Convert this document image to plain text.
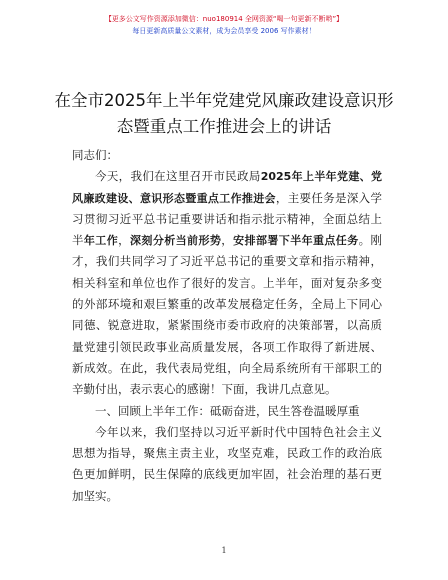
【更多公文写作资源添加微信：nuo180914 全网资源“喝一句更新不断哟”】
每日更新高质量公文素材，成为会员享受 2006 写作素材！
在全市2025年上半年党建党风廉政建设意识形态暨重点工作推进会上的讲话

同志们：

今天，我们在这里召开市民政局2025年上半年党建、党风廉政建设、意识形态暨重点工作推进会，主要任务是深入学习贯彻习近平总书记重要讲话和指示批示精神，全面总结上半年工作，深刻分析当前形势，安排部署下半年重点任务。刚才，我们共同学习了习近平总书记的重要文章和指示精神，相关科室和单位也作了很好的发言。上半年，面对复杂多变的外部环境和艰巨繁重的改革发展稳定任务，全局上下同心同德、锐意进取，紧紧围绕市委市政府的决策部署，以高质量党建引领民政事业高质量发展，各项工作取得了新进展、新成效。在此，我代表局党组，向全局系统所有干部职工的辛勤付出，表示衷心的感谢！下面，我讲几点意见。

一、回顾上半年工作：砥砺奋进，民生答卷温暖厚重

今年以来，我们坚持以习近平新时代中国特色社会主义思想为指导，聚焦主责主业，攻坚克难，民政工作的政治底色更加鲜明，民生保障的底线更加牢固，社会治理的基石更加坚实。

1
